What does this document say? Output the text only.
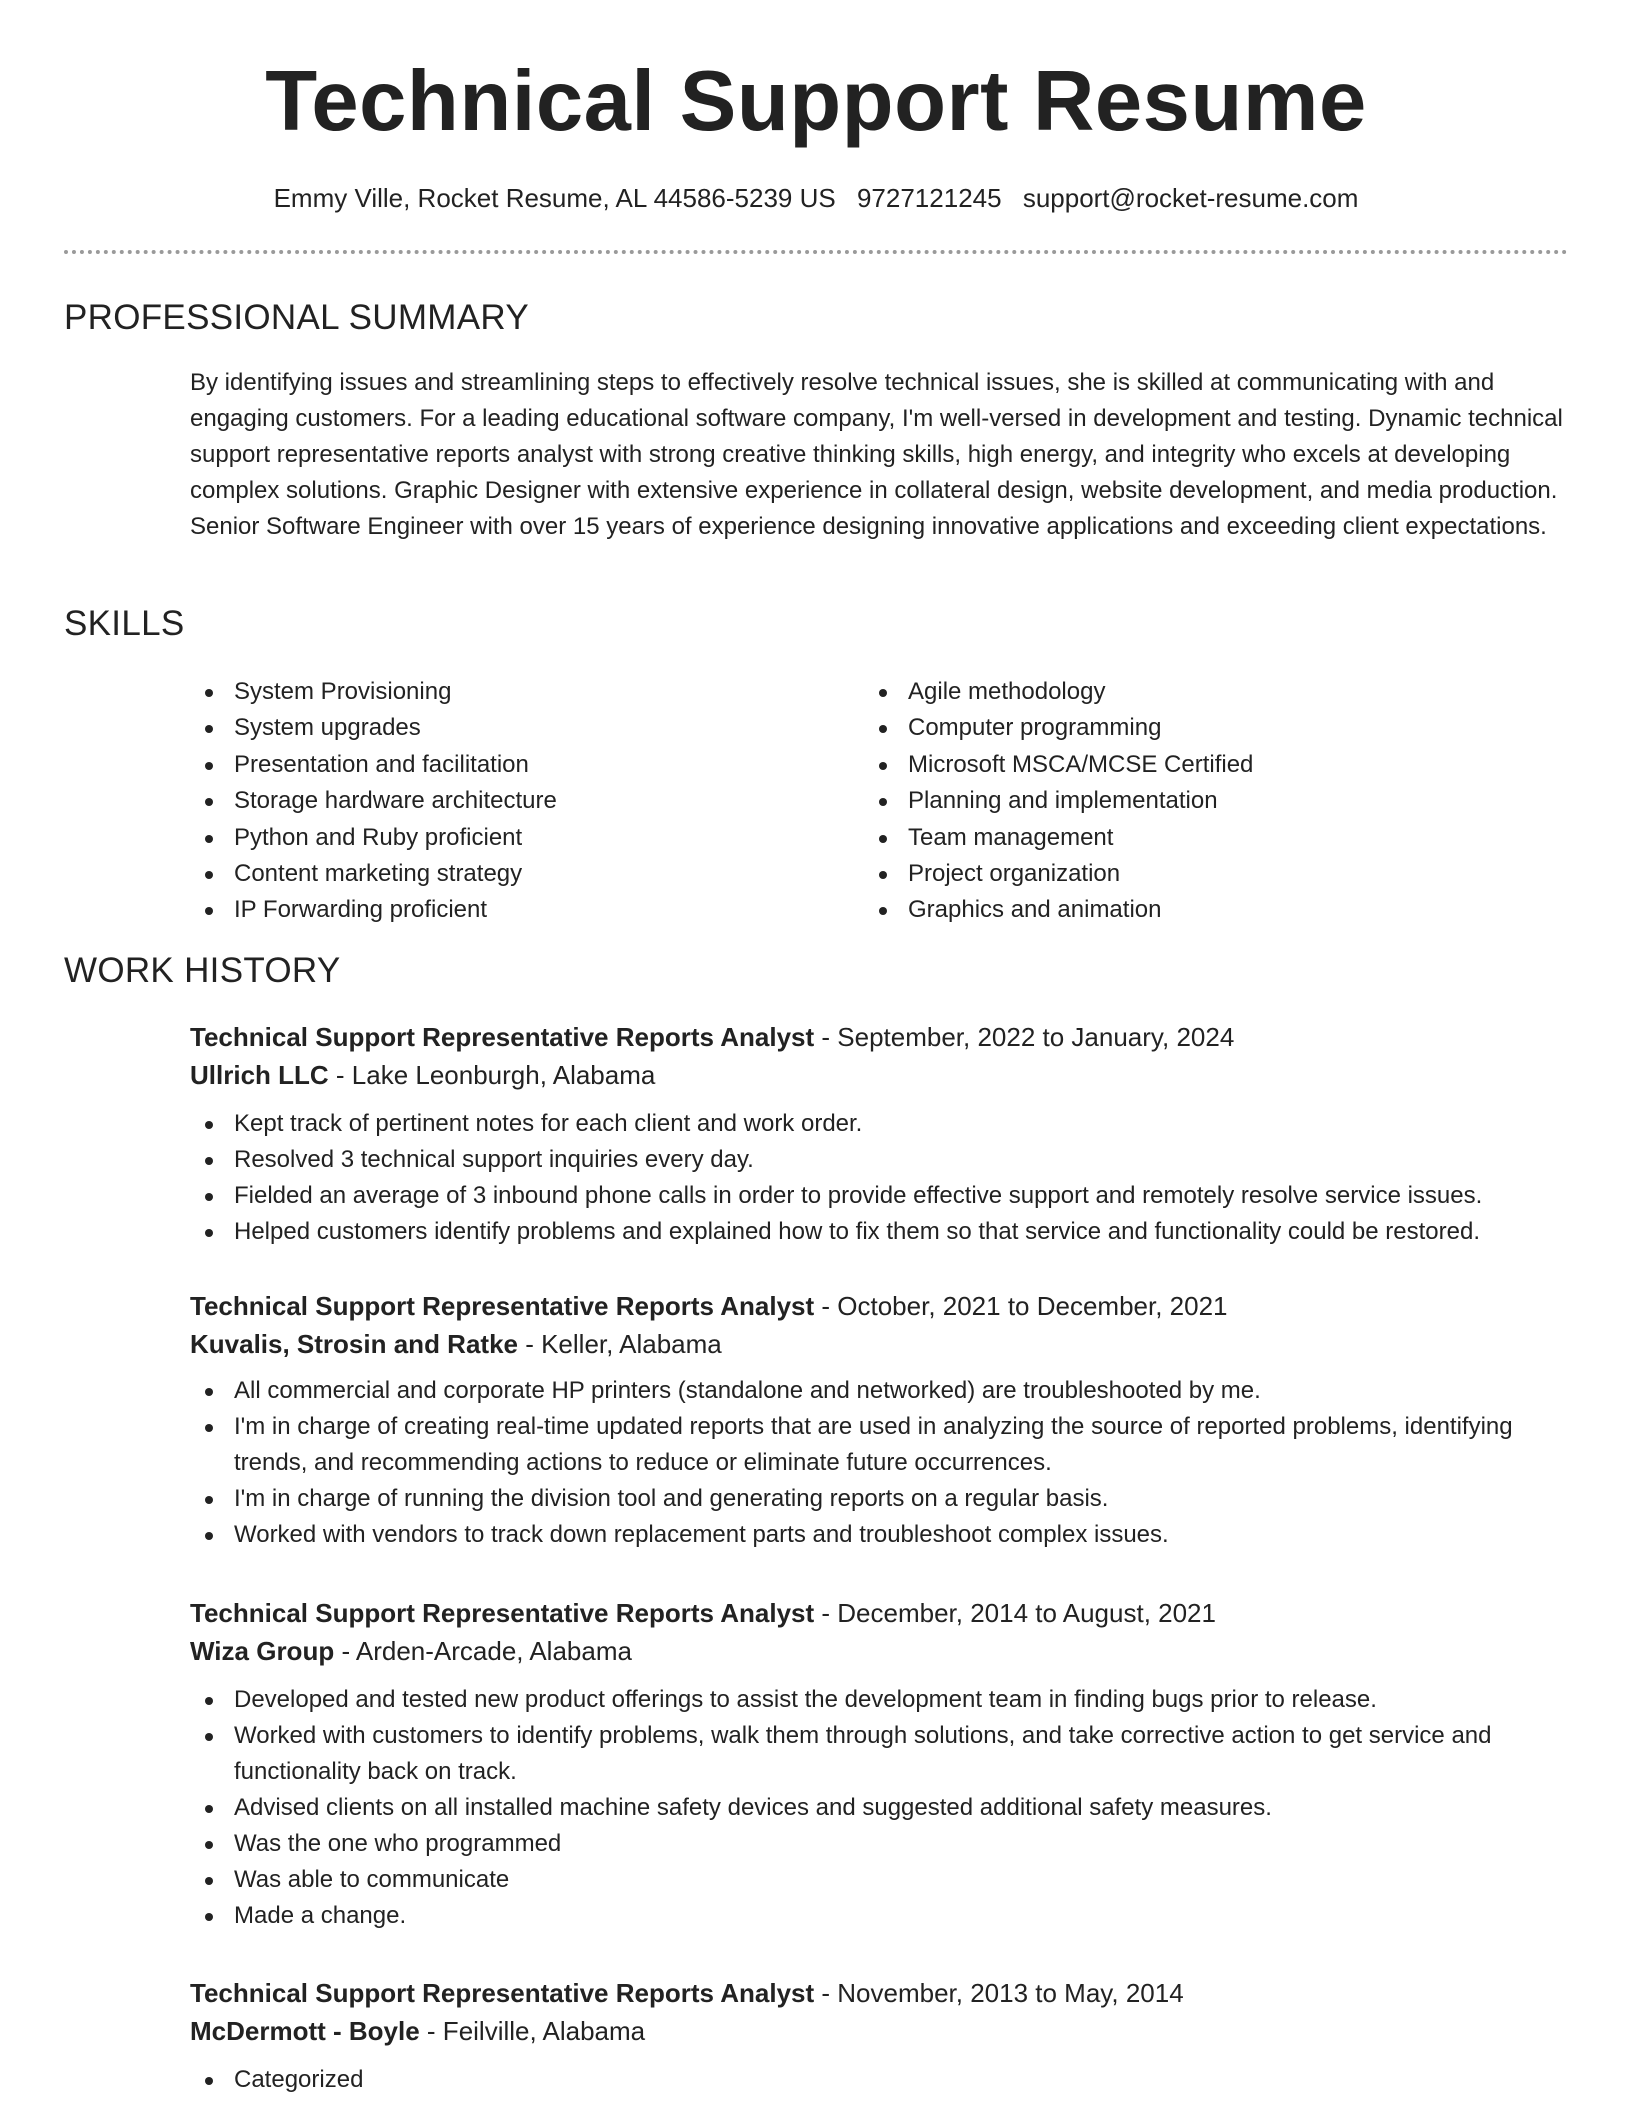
Technical Support Resume
Emmy Ville, Rocket Resume, AL 44586-5239 US 9727121245 support@rocket-resume.com
PROFESSIONAL SUMMARY
By identifying issues and streamlining steps to effectively resolve technical issues, she is skilled at communicating with and engaging customers. For a leading educational software company, I'm well-versed in development and testing. Dynamic technical support representative reports analyst with strong creative thinking skills, high energy, and integrity who excels at developing complex solutions. Graphic Designer with extensive experience in collateral design, website development, and media production. Senior Software Engineer with over 15 years of experience designing innovative applications and exceeding client expectations.
SKILLS
System Provisioning
System upgrades
Presentation and facilitation
Storage hardware architecture
Python and Ruby proficient
Content marketing strategy
IP Forwarding proficient
Agile methodology
Computer programming
Microsoft MSCA/MCSE Certified
Planning and implementation
Team management
Project organization
Graphics and animation
WORK HISTORY
Technical Support Representative Reports Analyst - September, 2022 to January, 2024
Ullrich LLC - Lake Leonburgh, Alabama
Kept track of pertinent notes for each client and work order.
Resolved 3 technical support inquiries every day.
Fielded an average of 3 inbound phone calls in order to provide effective support and remotely resolve service issues.
Helped customers identify problems and explained how to fix them so that service and functionality could be restored.
Technical Support Representative Reports Analyst - October, 2021 to December, 2021
Kuvalis, Strosin and Ratke - Keller, Alabama
All commercial and corporate HP printers (standalone and networked) are troubleshooted by me.
I'm in charge of creating real-time updated reports that are used in analyzing the source of reported problems, identifying trends, and recommending actions to reduce or eliminate future occurrences.
I'm in charge of running the division tool and generating reports on a regular basis.
Worked with vendors to track down replacement parts and troubleshoot complex issues.
Technical Support Representative Reports Analyst - December, 2014 to August, 2021
Wiza Group - Arden-Arcade, Alabama
Developed and tested new product offerings to assist the development team in finding bugs prior to release.
Worked with customers to identify problems, walk them through solutions, and take corrective action to get service and functionality back on track.
Advised clients on all installed machine safety devices and suggested additional safety measures.
Was the one who programmed
Was able to communicate
Made a change.
Technical Support Representative Reports Analyst - November, 2013 to May, 2014
McDermott - Boyle - Feilville, Alabama
Categorized
